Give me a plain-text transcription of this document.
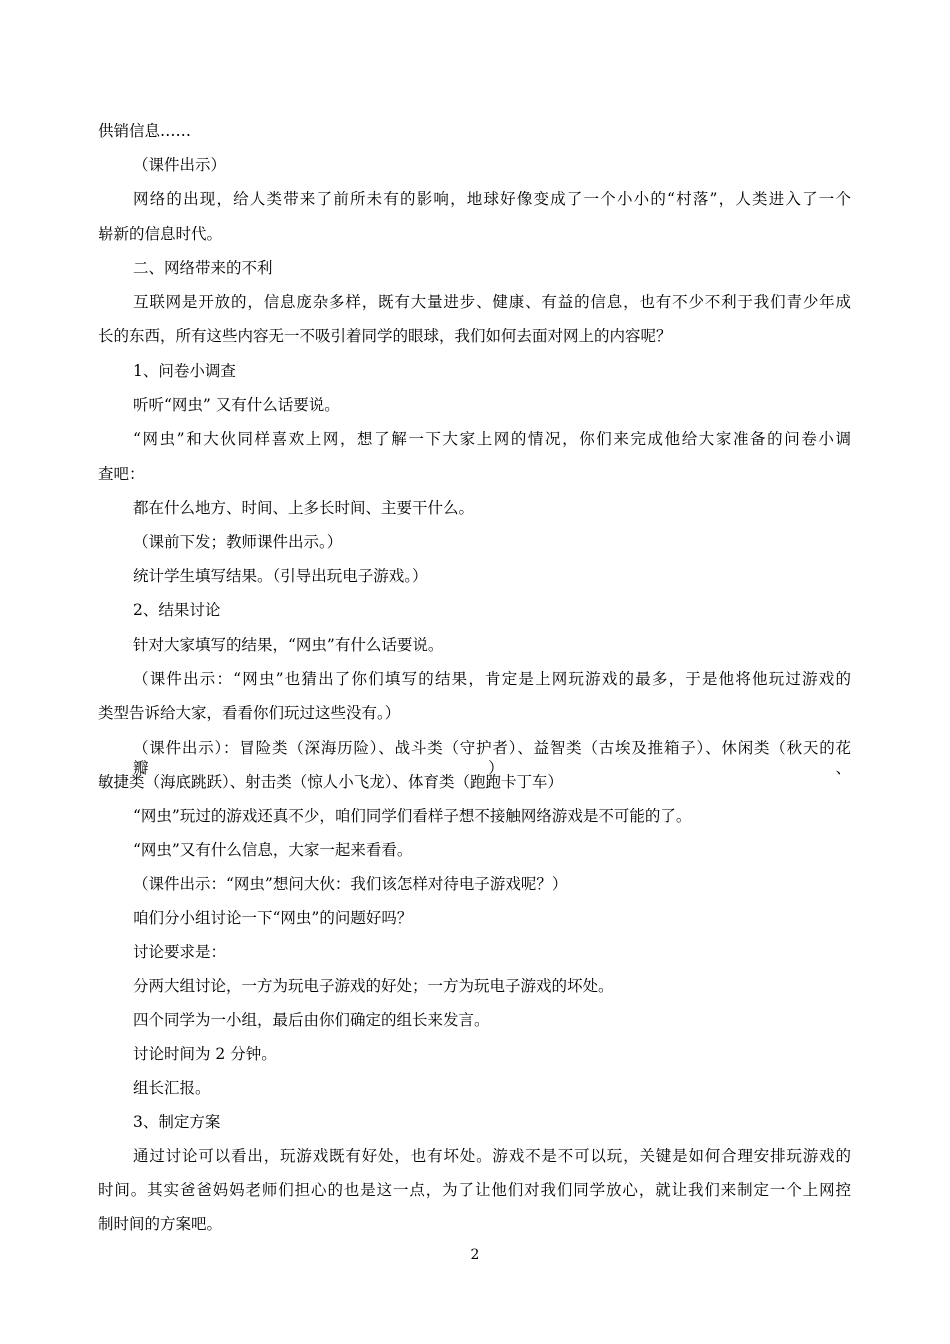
供销信息……
（课件出示）
网络的出现，给人类带来了前所未有的影响，地球好像变成了一个小小的“村落”，人类进入了一个
崭新的信息时代。
二、网络带来的不利
互联网是开放的，信息庞杂多样，既有大量进步、健康、有益的信息，也有不少不利于我们青少年成
长的东西，所有这些内容无一不吸引着同学的眼球，我们如何去面对网上的内容呢？
1、问卷小调查
听听“网虫” 又有什么话要说。
“网虫”和大伙同样喜欢上网，想了解一下大家上网的情况，你们来完成他给大家准备的问卷小调
查吧：
都在什么地方、时间、上多长时间、主要干什么。
（课前下发；教师课件出示。）
统计学生填写结果。（引导出玩电子游戏。）
2、结果讨论
针对大家填写的结果，“网虫”有什么话要说。
（课件出示：“网虫”也猜出了你们填写的结果，肯定是上网玩游戏的最多，于是他将他玩过游戏的
类型告诉给大家，看看你们玩过这些没有。）
（课件出示）：冒险类（深海历险）、战斗类（守护者）、益智类（古埃及推箱子）、休闲类（秋天的花瓣）、
敏捷类（海底跳跃）、射击类（惊人小飞龙）、体育类（跑跑卡丁车）
“网虫”玩过的游戏还真不少，咱们同学们看样子想不接触网络游戏是不可能的了。
“网虫”又有什么信息，大家一起来看看。
（课件出示：“网虫”想问大伙：我们该怎样对待电子游戏呢？）
咱们分小组讨论一下“网虫”的问题好吗？
讨论要求是：
分两大组讨论，一方为玩电子游戏的好处；一方为玩电子游戏的坏处。
四个同学为一小组，最后由你们确定的组长来发言。
讨论时间为 2 分钟。
组长汇报。
3、制定方案
通过讨论可以看出，玩游戏既有好处，也有坏处。游戏不是不可以玩，关键是如何合理安排玩游戏的
时间。其实爸爸妈妈老师们担心的也是这一点，为了让他们对我们同学放心，就让我们来制定一个上网控
制时间的方案吧。
2
